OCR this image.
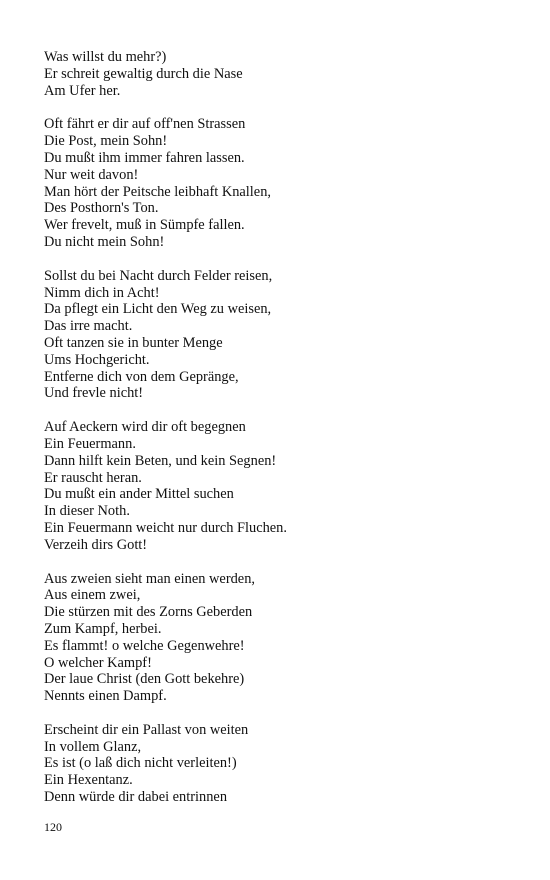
Was willst du mehr?)
Er schreit gewaltig durch die Nase
Am Ufer her.
Oft fährt er dir auf off'nen Strassen
Die Post, mein Sohn!
Du mußt ihm immer fahren lassen.
Nur weit davon!
Man hört der Peitsche leibhaft Knallen,
Des Posthorn's Ton.
Wer frevelt, muß in Sümpfe fallen.
Du nicht mein Sohn!
Sollst du bei Nacht durch Felder reisen,
Nimm dich in Acht!
Da pflegt ein Licht den Weg zu weisen,
Das irre macht.
Oft tanzen sie in bunter Menge
Ums Hochgericht.
Entferne dich von dem Gepränge,
Und frevle nicht!
Auf Aeckern wird dir oft begegnen
Ein Feuermann.
Dann hilft kein Beten, und kein Segnen!
Er rauscht heran.
Du mußt ein ander Mittel suchen
In dieser Noth.
Ein Feuermann weicht nur durch Fluchen.
Verzeih dirs Gott!
Aus zweien sieht man einen werden,
Aus einem zwei,
Die stürzen mit des Zorns Geberden
Zum Kampf, herbei.
Es flammt! o welche Gegenwehre!
O welcher Kampf!
Der laue Christ (den Gott bekehre)
Nennts einen Dampf.
Erscheint dir ein Pallast von weiten
In vollem Glanz,
Es ist (o laß dich nicht verleiten!)
Ein Hexentanz.
Denn würde dir dabei entrinnen
120
